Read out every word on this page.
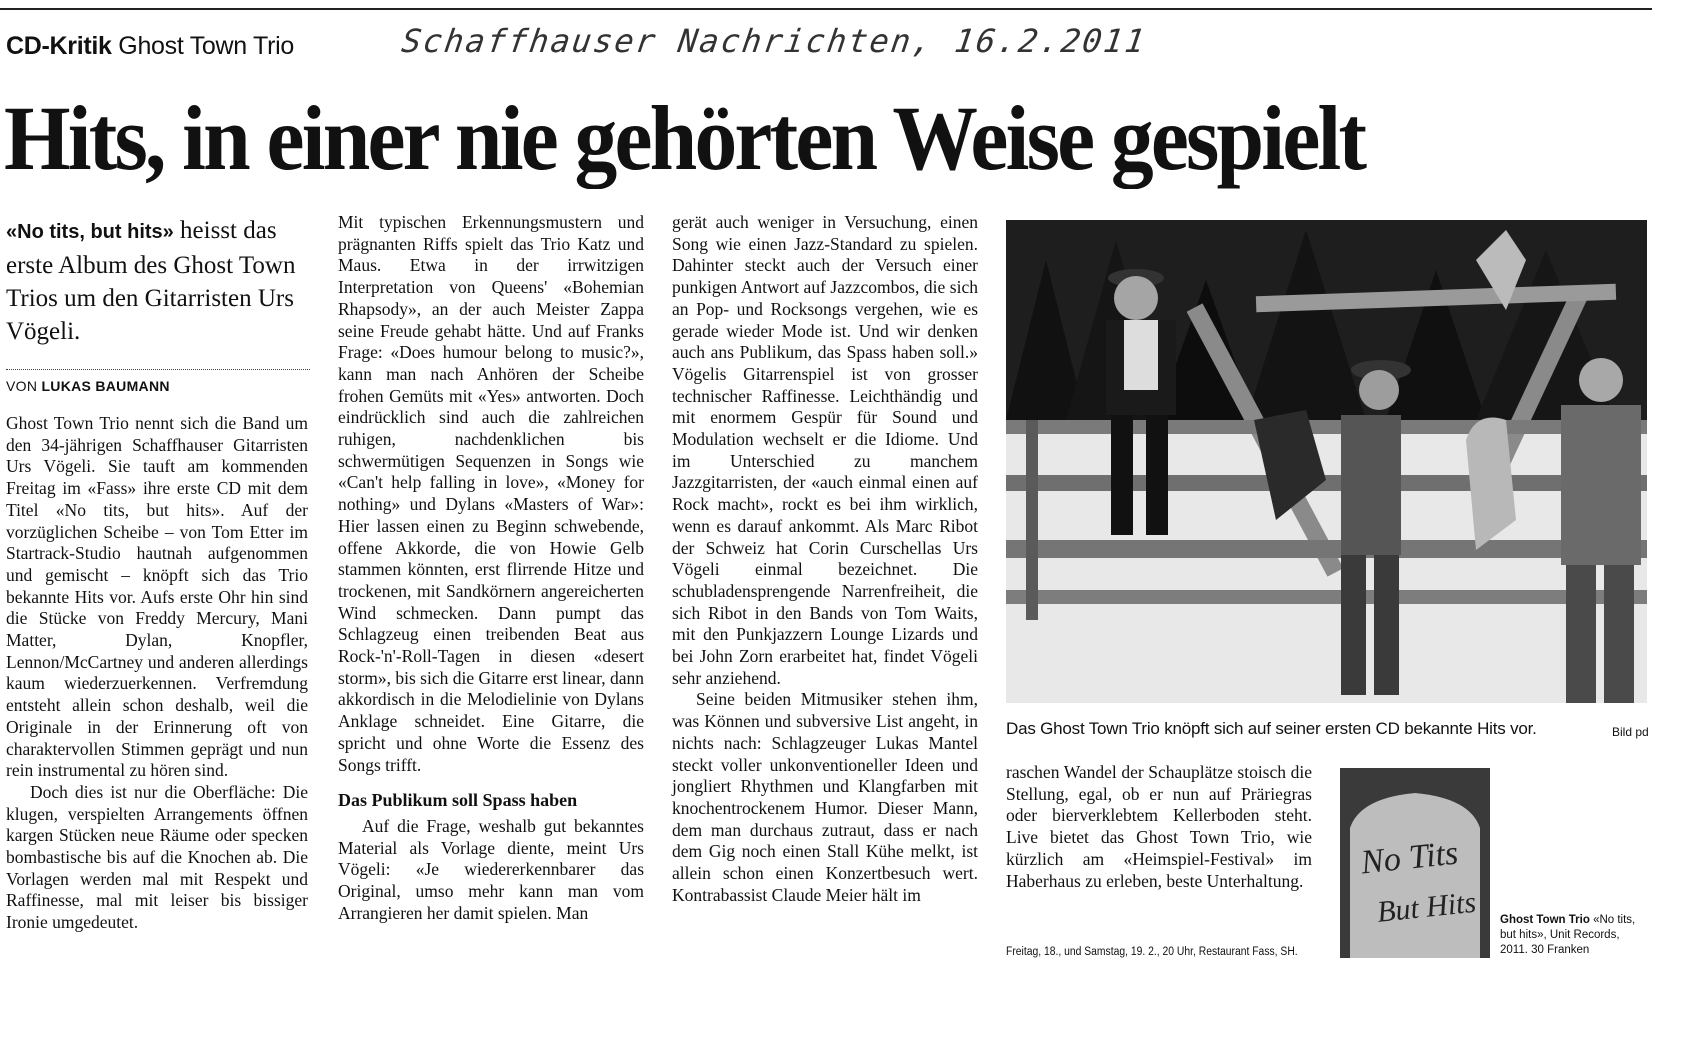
CD-Kritik Ghost Town Trio	Schaffhauser Nachrichten, 16.2.2011
Hits, in einer nie gehörten Weise gespielt
«No tits, but hits» heisst das erste Album des Ghost Town Trios um den Gitarristen Urs Vögeli.
VON LUKAS BAUMANN

Ghost Town Trio nennt sich die Band um den 34-jährigen Schaffhauser Gitarristen Urs Vögeli. Sie tauft am kommenden Freitag im «Fass» ihre erste CD mit dem Titel «No tits, but hits». Auf der vorzüglichen Scheibe – von Tom Etter im Startrack-Studio hautnah aufgenommen und gemischt – knöpft sich das Trio bekannte Hits vor. Aufs erste Ohr hin sind die Stücke von Freddy Mercury, Mani Matter, Dylan, Knopfler, Lennon/McCartney und anderen allerdings kaum wiederzuerkennen. Verfremdung entsteht allein schon deshalb, weil die Originale in der Erinnerung oft von charaktervollen Stimmen geprägt und nun rein instrumental zu hören sind.

Doch dies ist nur die Oberfläche: Die klugen, verspielten Arrangements öffnen kargen Stücken neue Räume oder specken bombastische bis auf die Knochen ab. Die Vorlagen werden mal mit Respekt und Raffinesse, mal mit leiser bis bissiger Ironie umgedeutet.

Mit typischen Erkennungsmustern und prägnanten Riffs spielt das Trio Katz und Maus. Etwa in der irrwitzigen Interpretation von Queens' «Bohemian Rhapsody», an der auch Meister Zappa seine Freude gehabt hätte. Und auf Franks Frage: «Does humour belong to music?», kann man nach Anhören der Scheibe frohen Gemüts mit «Yes» antworten. Doch eindrücklich sind auch die zahlreichen ruhigen, nachdenklichen bis schwermütigen Sequenzen in Songs wie «Can't help falling in love», «Money for nothing» und Dylans «Masters of War»: Hier lassen einen zu Beginn schwebende, offene Akkorde, die von Howie Gelb stammen könnten, erst flirrende Hitze und trockenen, mit Sandkörnern angereicherten Wind schmecken. Dann pumpt das Schlagzeug einen treibenden Beat aus Rock-'n'-Roll-Tagen in diesen «desert storm», bis sich die Gitarre erst linear, dann akkordisch in die Melodielinie von Dylans Anklage schneidet. Eine Gitarre, die spricht und ohne Worte die Essenz des Songs trifft.

Das Publikum soll Spass haben

Auf die Frage, weshalb gut bekanntes Material als Vorlage diente, meint Urs Vögeli: «Je wiedererkennbarer das Original, umso mehr kann man vom Arrangieren her damit spielen. Man

gerät auch weniger in Versuchung, einen Song wie einen Jazz-Standard zu spielen. Dahinter steckt auch der Versuch einer punkigen Antwort auf Jazzcombos, die sich an Pop- und Rocksongs vergehen, wie es gerade wieder Mode ist. Und wir denken auch ans Publikum, das Spass haben soll.» Vögelis Gitarrenspiel ist von grosser technischer Raffinesse. Leichthändig und mit enormem Gespür für Sound und Modulation wechselt er die Idiome. Und im Unterschied zu manchem Jazzgitarristen, der «auch einmal einen auf Rock macht», rockt es bei ihm wirklich, wenn es darauf ankommt. Als Marc Ribot der Schweiz hat Corin Curschellas Urs Vögeli einmal bezeichnet. Die schubladensprengende Narrenfreiheit, die sich Ribot in den Bands von Tom Waits, mit den Punkjazzern Lounge Lizards und bei John Zorn erarbeitet hat, findet Vögeli sehr anziehend.

Seine beiden Mitmusiker stehen ihm, was Können und subversive List angeht, in nichts nach: Schlagzeuger Lukas Mantel steckt voller unkonventioneller Ideen und jongliert Rhythmen und Klangfarben mit knochentrockenem Humor. Dieser Mann, dem man durchaus zutraut, dass er nach dem Gig noch einen Stall Kühe melkt, ist allein schon einen Konzertbesuch wert. Kontrabassist Claude Meier hält im

Das Ghost Town Trio knöpft sich auf seiner ersten CD bekannte Hits vor.	Bild pd

raschen Wandel der Schauplätze stoisch die Stellung, egal, ob er nun auf Präriegras oder bierverklebtem Kellerboden steht. Live bietet das Ghost Town Trio, wie kürzlich am «Heimspiel-Festival» im Haberhaus zu erleben, beste Unterhaltung.

Freitag, 18., und Samstag, 19. 2., 20 Uhr, Restaurant Fass, SH.
No Tits
But Hits Ghost Town Trio «No tits, but hits», Unit Records, 2011. 30 Franken
